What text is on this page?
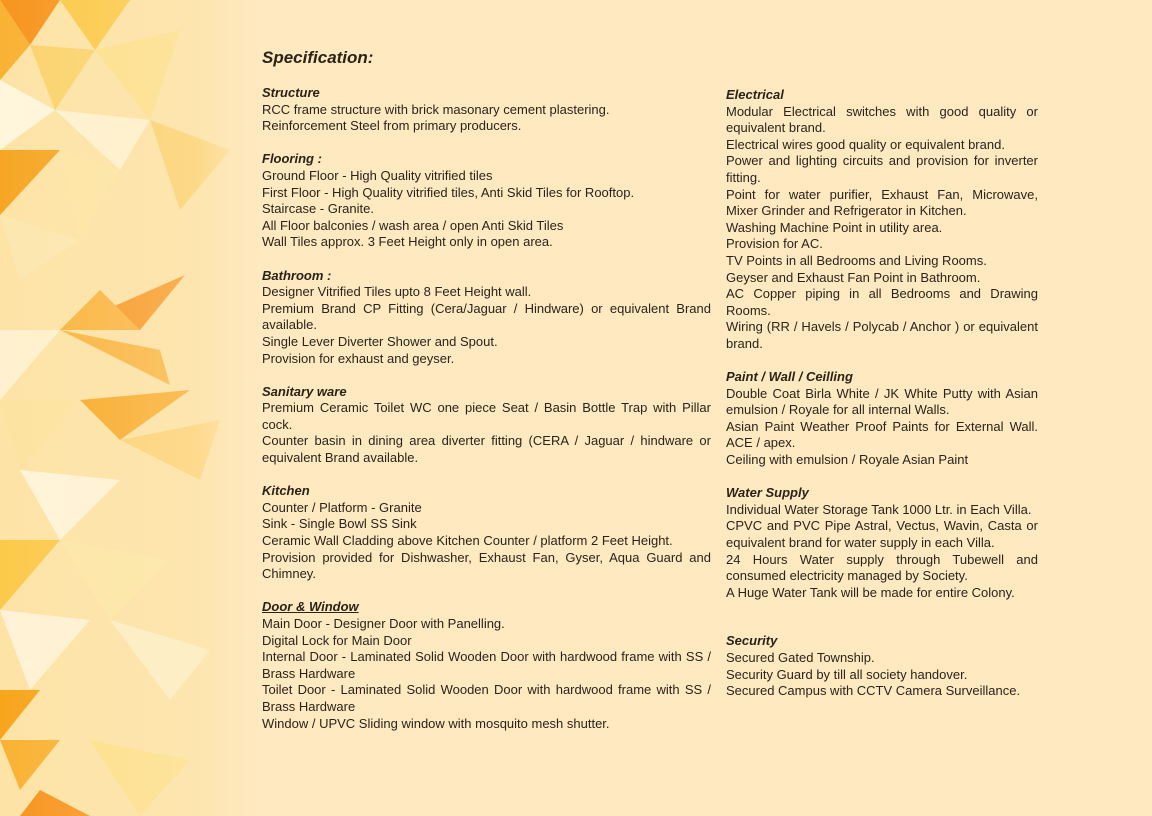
Specification:
Structure

RCC frame structure with brick masonary cement plastering.

Reinforcement Steel from primary producers.

Flooring :

Ground Floor - High Quality vitrified tiles

First Floor - High Quality vitrified tiles, Anti Skid Tiles for Rooftop.

Staircase - Granite.

All Floor balconies / wash area / open Anti Skid Tiles

Wall Tiles approx. 3 Feet Height only in open area.

Bathroom :

Designer Vitrified Tiles upto 8 Feet Height wall.

Premium Brand CP Fitting (Cera/Jaguar / Hindware) or equivalent Brand available.

Single Lever Diverter Shower and Spout.

Provision for exhaust and geyser.

Sanitary ware

Premium Ceramic Toilet WC one piece Seat / Basin Bottle Trap with Pillar cock.

Counter basin in dining area diverter fitting (CERA / Jaguar / hindware or equivalent Brand available.

Kitchen

Counter / Platform - Granite

Sink - Single Bowl SS Sink

Ceramic Wall Cladding above Kitchen Counter / platform 2 Feet Height.

Provision provided for Dishwasher, Exhaust Fan, Gyser, Aqua Guard and Chimney.

Door & Window

Main Door - Designer Door with Panelling.

Digital Lock for Main Door

Internal Door - Laminated Solid Wooden Door with hardwood frame with SS / Brass Hardware

Toilet Door - Laminated Solid Wooden Door with hardwood frame with SS / Brass Hardware

Window / UPVC Sliding window with mosquito mesh shutter.

Electrical

Modular Electrical switches with good quality or equivalent brand.

Electrical wires good quality or equivalent brand.

Power and lighting circuits and provision for inverter fitting.

Point for water purifier, Exhaust Fan, Microwave, Mixer Grinder and Refrigerator in Kitchen.

Washing Machine Point in utility area.

Provision for AC.

TV Points in all Bedrooms and Living Rooms.

Geyser and Exhaust Fan Point in Bathroom.

AC Copper piping in all Bedrooms and Drawing Rooms.

Wiring (RR / Havels / Polycab / Anchor ) or equivalent brand.

Paint / Wall / Ceilling

Double Coat Birla White / JK White Putty with Asian emulsion / Royale for all internal Walls.

Asian Paint Weather Proof Paints for External Wall. ACE / apex.

Ceiling with emulsion / Royale Asian Paint

Water Supply

Individual Water Storage Tank 1000 Ltr. in Each Villa.

CPVC and PVC Pipe Astral, Vectus, Wavin, Casta or equivalent brand for water supply in each Villa.

24 Hours Water supply through Tubewell and consumed electricity managed by Society.

A Huge Water Tank will be made for entire Colony.

Security

Secured Gated Township.

Security Guard by till all society handover.

Secured Campus with CCTV Camera Surveillance.
